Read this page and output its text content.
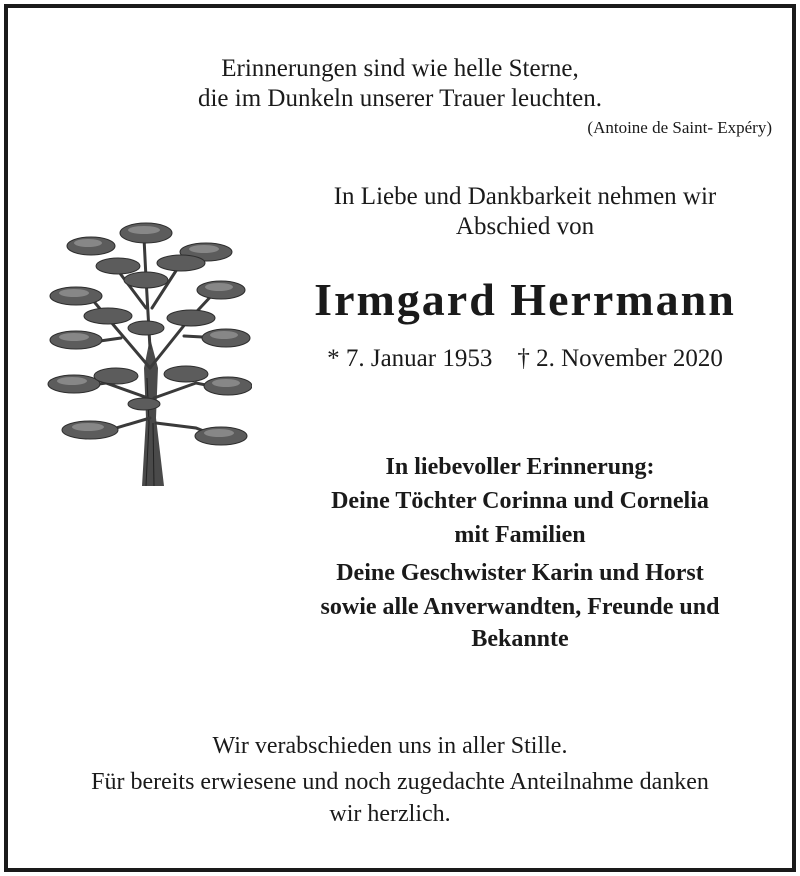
Erinnerungen sind wie helle Sterne,
die im Dunkeln unserer Trauer leuchten.
(Antoine de Saint- Expéry)
In Liebe und Dankbarkeit nehmen wir
Abschied von
Irmgard Herrmann
* 7. Januar 1953    † 2. November 2020
In liebevoller Erinnerung:
Deine Töchter Corinna und Cornelia
mit Familien
Deine Geschwister Karin und Horst
sowie alle Anverwandten, Freunde und
Bekannte
Wir verabschieden uns in aller Stille.
Für bereits erwiesene und noch zugedachte Anteilnahme danken
wir herzlich.
